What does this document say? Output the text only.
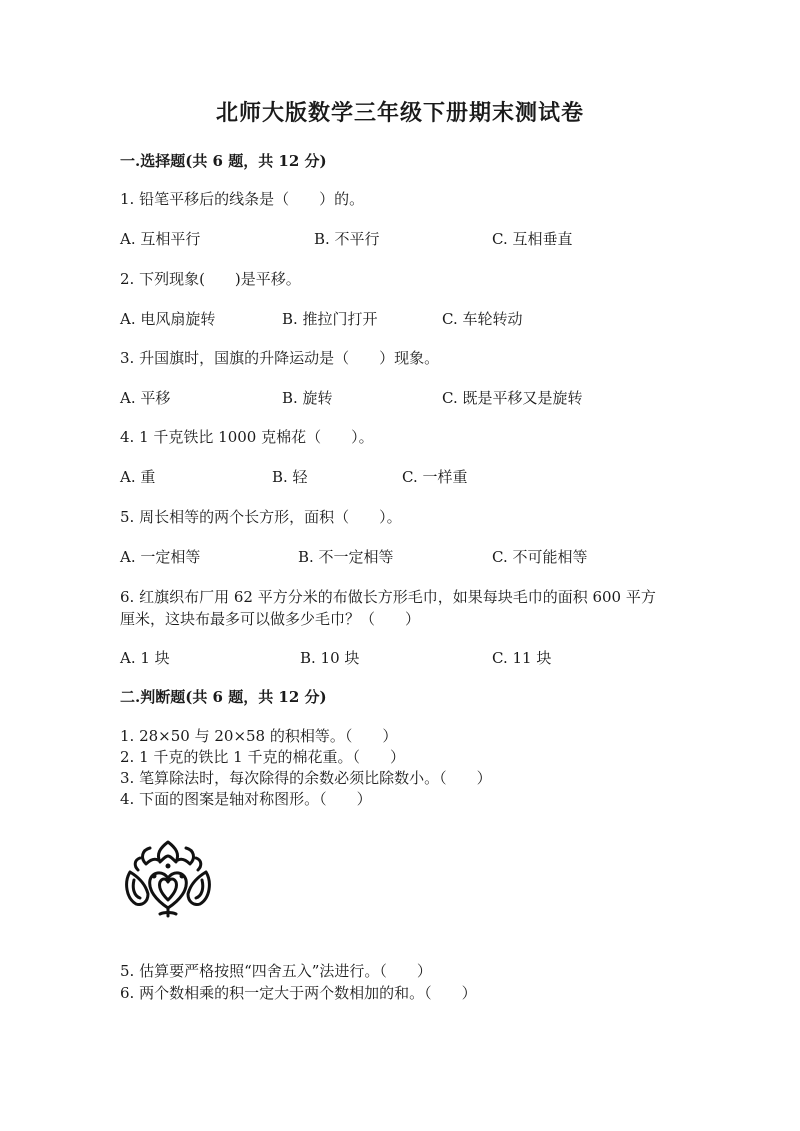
北师大版数学三年级下册期末测试卷
一.选择题(共 6 题，共 12 分)
1. 铅笔平移后的线条是（　　）的。
A. 互相平行	B. 不平行	C. 互相垂直
2. 下列现象(　　)是平移。
A. 电风扇旋转	B. 推拉门打开	C. 车轮转动
3. 升国旗时，国旗的升降运动是（　　）现象。
A. 平移	B. 旋转	C. 既是平移又是旋转
4. 1 千克铁比 1000 克棉花（　　）。
A. 重	B. 轻	C. 一样重
5. 周长相等的两个长方形，面积（　　）。
A. 一定相等	B. 不一定相等	C. 不可能相等
6. 红旗织布厂用 62 平方分米的布做长方形毛巾，如果每块毛巾的面积 600 平方
厘米，这块布最多可以做多少毛巾？（　　）
A. 1 块	B. 10 块	C. 11 块
二.判断题(共 6 题，共 12 分)
1. 28×50 与 20×58 的积相等。（　　）
2. 1 千克的铁比 1 千克的棉花重。（　　）
3. 笔算除法时，每次除得的余数必须比除数小。（　　）
4. 下面的图案是轴对称图形。（　　）
5. 估算要严格按照“四舍五入”法进行。（　　）
6. 两个数相乘的积一定大于两个数相加的和。（　　）
